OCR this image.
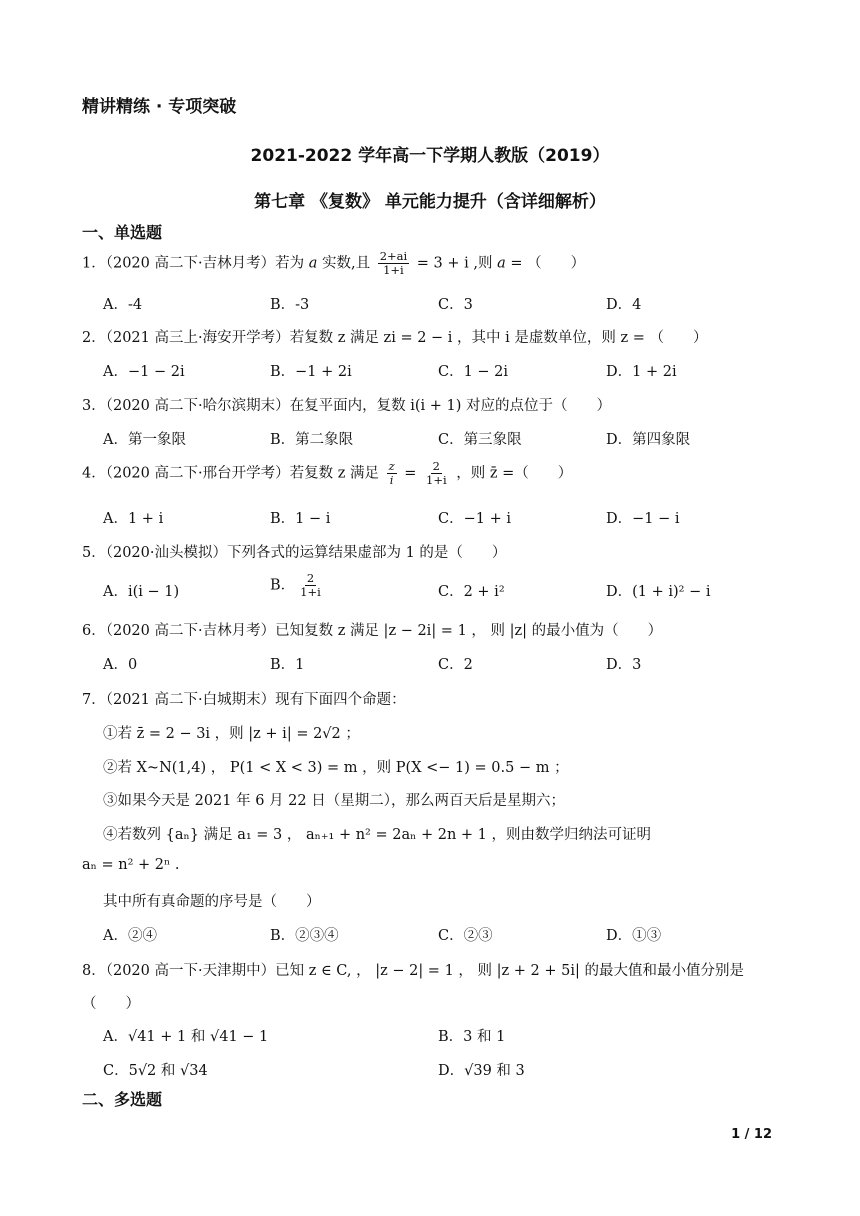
精讲精练 · 专项突破
2021-2022 学年高一下学期人教版（2019）
第七章 《复数》 单元能力提升（含详细解析）
一、单选题
1．（2020 高二下·吉林月考）若为 a 实数,且 $\frac{2+ai}{1+i} = 3 + i$ ,则 a = （　　）
A．-4	B．-3	C．3	D．4
2．（2021 高三上·海安开学考）若复数 z 满足 zi = 2 − i ，其中 i 是虚数单位，则 z = （　　）
A．−1 − 2i	B．−1 + 2i	C．1 − 2i	D．1 + 2i
3．（2020 高二下·哈尔滨期末）在复平面内，复数 i(i + 1) 对应的点位于（　　）
A．第一象限	B．第二象限	C．第三象限	D．第四象限
4．（2020 高二下·邢台开学考）若复数 z 满足 $\frac{z}{i} = \frac{2}{1+i}$ ，则 z̄ =（　　）
A．1 + i	B．1 − i	C．−1 + i	D．−1 − i
5．（2020·汕头模拟）下列各式的运算结果虚部为 1 的是（　　）
A．i(i − 1)	B． $\frac{2}{1+i}$	C．2 + i²	D．(1 + i)² − i
6．（2020 高二下·吉林月考）已知复数 z 满足 |z − 2i| = 1 ， 则 |z| 的最小值为（　　）
A．0	B．1	C．2	D．3
7．（2021 高二下·白城期末）现有下面四个命题：
①若 z̄ = 2 − 3i ，则 |z + i| = 2√2 ；
②若 X~N(1,4) ， P(1 < X < 3) = m ，则 P(X <− 1) = 0.5 − m ；
③如果今天是 2021 年 6 月 22 日（星期二），那么两百天后是星期六；
④若数列 {aₙ} 满足 a₁ = 3 ， aₙ₊₁ + n² = 2aₙ + 2n + 1 ，则由数学归纳法可证明
aₙ = n² + 2ⁿ .
其中所有真命题的序号是（　　）
A．②④	B．②③④	C．②③	D．①③
8．（2020 高一下·天津期中）已知 z ∈ C, ， |z − 2| = 1 ， 则 |z + 2 + 5i| 的最大值和最小值分别是
（　　）
A．√41 + 1 和 √41 − 1	B．3 和 1
C．5√2 和 √34	D．√39 和 3
二、多选题
1 / 12
